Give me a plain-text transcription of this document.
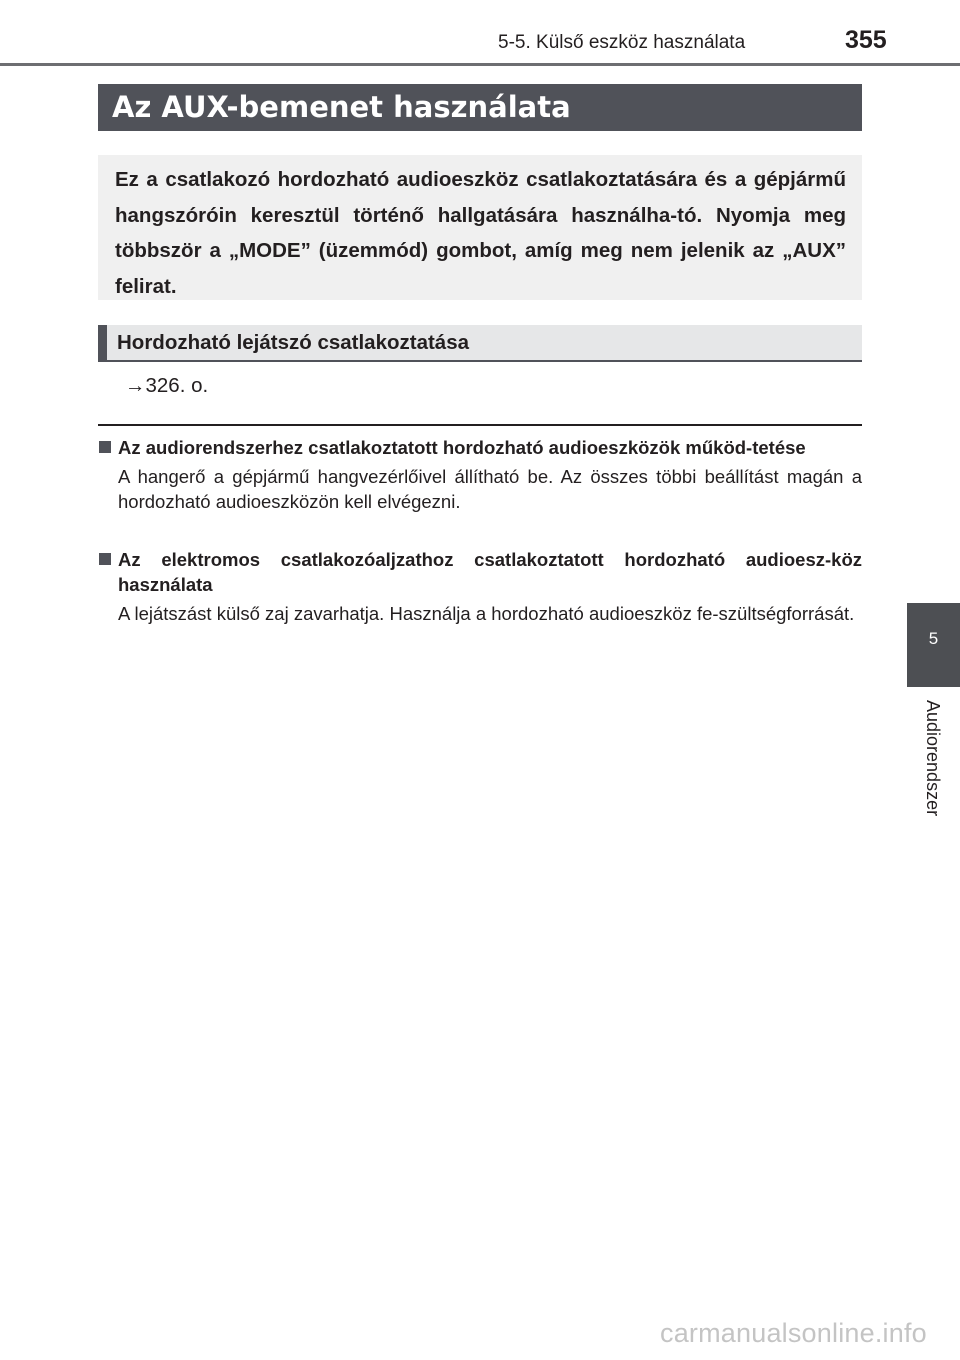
5-5. Külső eszköz használata	355
5
Audiorendszer
Az AUX-bemenet használata
Ez a csatlakozó hordozható audioeszköz csatlakoztatására és a gépjármű hangszóróin keresztül történő hallgatására használha-tó. Nyomja meg többször a „MODE” (üzemmód) gombot, amíg meg nem jelenik az „AUX” felirat.
Hordozható lejátszó csatlakoztatása
→326. o.
Az audiorendszerhez csatlakoztatott hordozható audioeszközök működ-tetése
A hangerő a gépjármű hangvezérlőivel állítható be. Az összes többi beállítást magán a hordozható audioeszközön kell elvégezni.
Az elektromos csatlakozóaljzathoz csatlakoztatott hordozható audioesz-köz használata
A lejátszást külső zaj zavarhatja. Használja a hordozható audioeszköz fe-szültségforrását.
carmanualsonline.info
